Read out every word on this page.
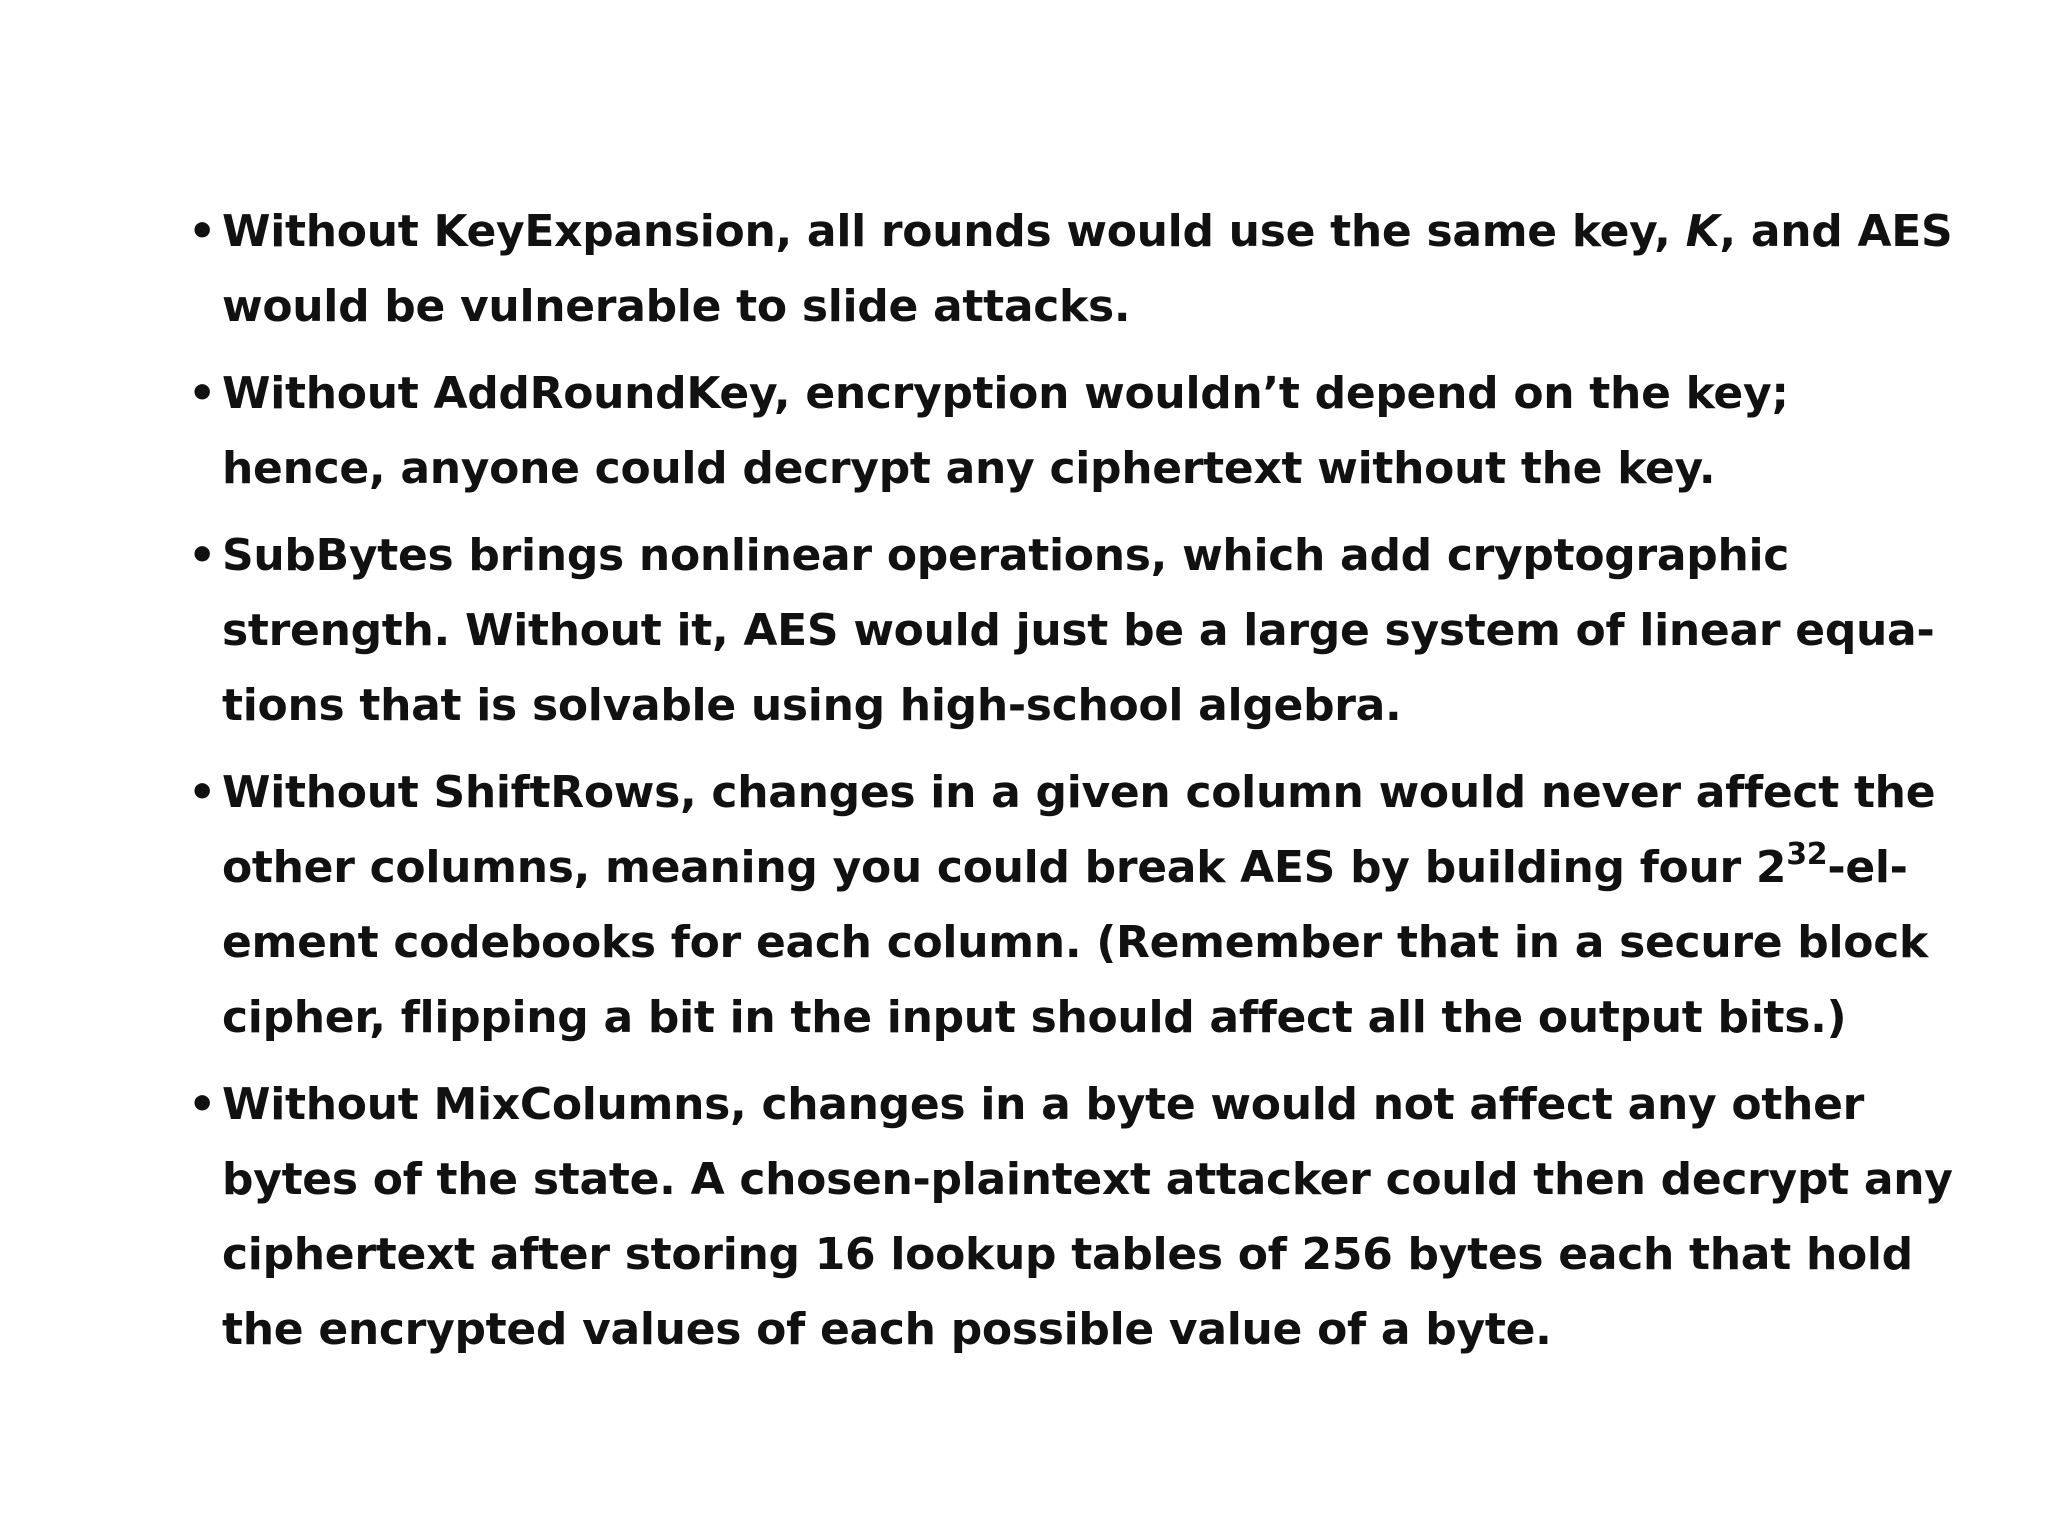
• Without KeyExpansion, all rounds would use the same key, K, and AES
would be vulnerable to slide attacks.
• Without AddRoundKey, encryption wouldn’t depend on the key;
hence, anyone could decrypt any ciphertext without the key.
• SubBytes brings nonlinear operations, which add cryptographic
strength. Without it, AES would just be a large system of linear equa-
tions that is solvable using high-school algebra.
• Without ShiftRows, changes in a given column would never affect the
other columns, meaning you could break AES by building four $2^{32}-el-$
ement codebooks for each column. (Remember that in a secure block
cipher, flipping a bit in the input should affect all the output bits.)
• Without MixColumns, changes in a byte would not affect any other
bytes of the state. A chosen-plaintext attacker could then decrypt any
ciphertext after storing 16 lookup tables of 256 bytes each that hold
the encrypted values of each possible value of a byte.
